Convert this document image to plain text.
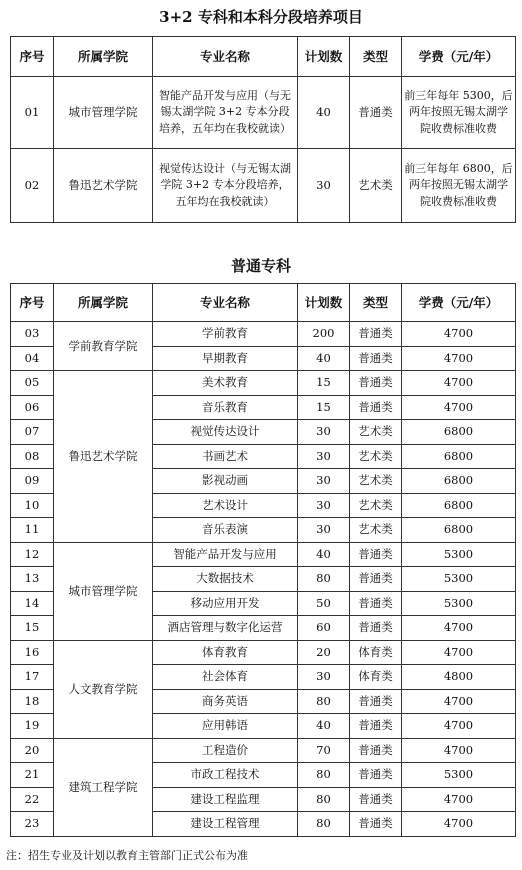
3+2 专科和本科分段培养项目
序号	所属学院	专业名称	计划数	类型	学费（元/年）
01	城市管理学院	智能产品开发与应用（与无锡太湖学院 3+2 专本分段培养，五年均在我校就读）	40	普通类	前三年每年 5300，后两年按照无锡太湖学院收费标准收费
02	鲁迅艺术学院	视觉传达设计（与无锡太湖学院 3+2 专本分段培养，五年均在我校就读）	30	艺术类	前三年每年 6800，后两年按照无锡太湖学院收费标准收费
普通专科
序号	所属学院	专业名称	计划数	类型	学费（元/年）
03	学前教育学院	学前教育	200	普通类	4700
04		早期教育	40	普通类	4700
05	鲁迅艺术学院	美术教育	15	普通类	4700
06		音乐教育	15	普通类	4700
07		视觉传达设计	30	艺术类	6800
08		书画艺术	30	艺术类	6800
09		影视动画	30	艺术类	6800
10		艺术设计	30	艺术类	6800
11		音乐表演	30	艺术类	6800
12	城市管理学院	智能产品开发与应用	40	普通类	5300
13		大数据技术	80	普通类	5300
14		移动应用开发	50	普通类	5300
15		酒店管理与数字化运营	60	普通类	4700
16	人文教育学院	体育教育	20	体育类	4700
17		社会体育	30	体育类	4800
18		商务英语	80	普通类	4700
19		应用韩语	40	普通类	4700
20	建筑工程学院	工程造价	70	普通类	4700
21		市政工程技术	80	普通类	5300
22		建设工程监理	80	普通类	4700
23		建设工程管理	80	普通类	4700
注：招生专业及计划以教育主管部门正式公布为准
